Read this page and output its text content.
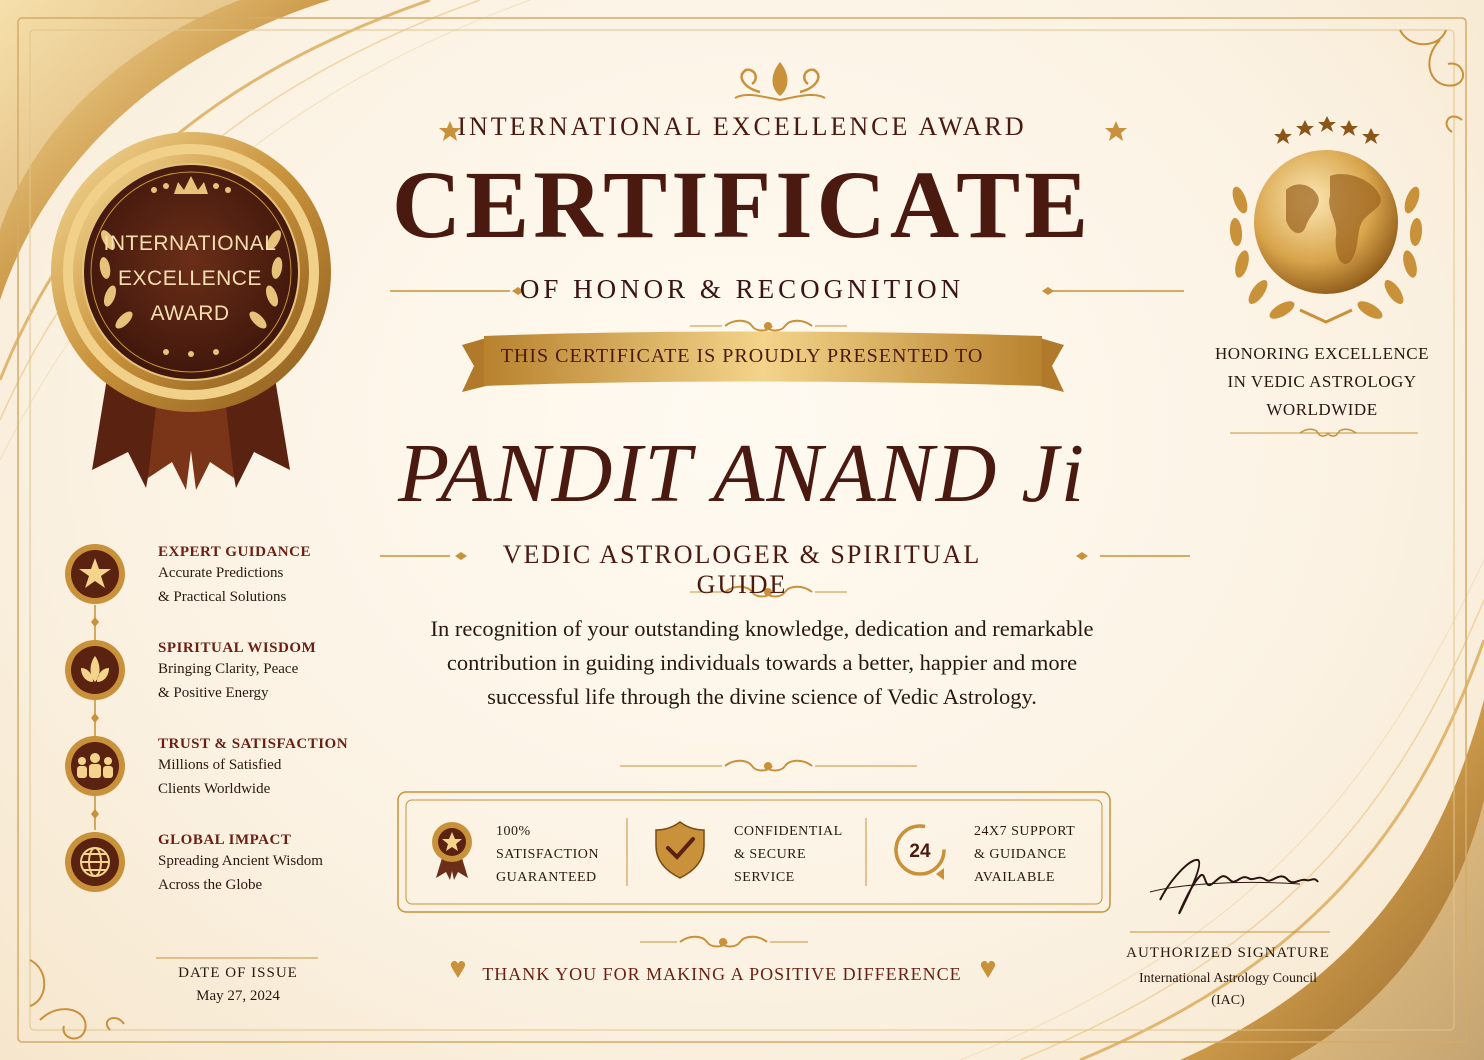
24
INTERNATIONAL
EXCELLENCE
AWARD
INTERNATIONAL EXCELLENCE AWARD
CERTIFICATE
OF HONOR & RECOGNITION
THIS CERTIFICATE IS PROUDLY PRESENTED TO
PANDIT ANAND Ji
VEDIC ASTROLOGER & SPIRITUAL GUIDE
In recognition of your outstanding knowledge, dedication and remarkable contribution in guiding individuals towards a better, happier and more successful life through the divine science of Vedic Astrology.
100%
SATISFACTION
GUARANTEED
CONFIDENTIAL
& SECURE
SERVICE
24X7 SUPPORT
& GUIDANCE
AVAILABLE
EXPERT GUIDANCE
Accurate Predictions
& Practical Solutions
SPIRITUAL WISDOM
Bringing Clarity, Peace
& Positive Energy
TRUST & SATISFACTION
Millions of Satisfied
Clients Worldwide
GLOBAL IMPACT
Spreading Ancient Wisdom
Across the Globe
HONORING EXCELLENCE
IN VEDIC ASTROLOGY
WORLDWIDE
DATE OF ISSUE
May 27, 2024
THANK YOU FOR MAKING A POSITIVE DIFFERENCE
AUTHORIZED SIGNATURE
International Astrology Council
(IAC)
